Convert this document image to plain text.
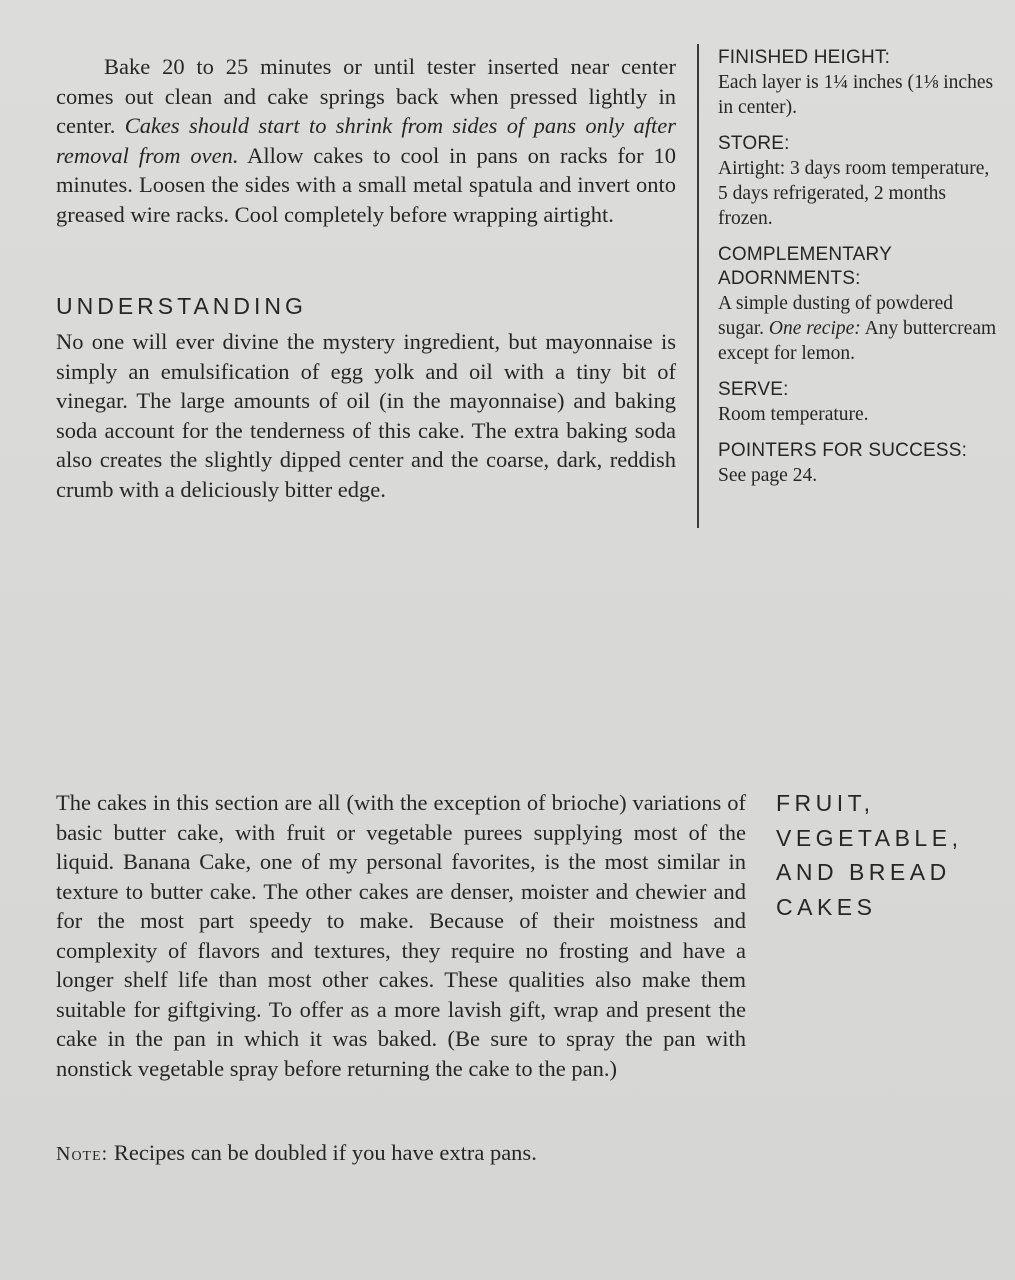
Bake 20 to 25 minutes or until tester inserted near center comes out clean and cake springs back when pressed lightly in center. Cakes should start to shrink from sides of pans only after removal from oven. Allow cakes to cool in pans on racks for 10 minutes. Loosen the sides with a small metal spatula and invert onto greased wire racks. Cool completely before wrapping airtight.
UNDERSTANDING
No one will ever divine the mystery ingredient, but mayonnaise is simply an emulsification of egg yolk and oil with a tiny bit of vinegar. The large amounts of oil (in the mayonnaise) and baking soda account for the tenderness of this cake. The extra baking soda also creates the slightly dipped center and the coarse, dark, reddish crumb with a deliciously bitter edge.
FINISHED HEIGHT:
Each layer is 1¼ inches (1⅛ inches in center).
STORE:
Airtight: 3 days room temperature, 5 days refrigerated, 2 months frozen.
COMPLEMENTARY
ADORNMENTS:
A simple dusting of powdered sugar. One recipe: Any buttercream except for lemon.
SERVE:
Room temperature.
POINTERS FOR SUCCESS:
See page 24.
The cakes in this section are all (with the exception of brioche) variations of basic butter cake, with fruit or vegetable purees supplying most of the liquid. Banana Cake, one of my personal favorites, is the most similar in texture to butter cake. The other cakes are denser, moister and chewier and for the most part speedy to make. Because of their moistness and complexity of flavors and textures, they require no frosting and have a longer shelf life than most other cakes. These qualities also make them suitable for giftgiving. To offer as a more lavish gift, wrap and present the cake in the pan in which it was baked. (Be sure to spray the pan with nonstick vegetable spray before returning the cake to the pan.)
FRUIT,
VEGETABLE,
AND BREAD
CAKES
Note: Recipes can be doubled if you have extra pans.
